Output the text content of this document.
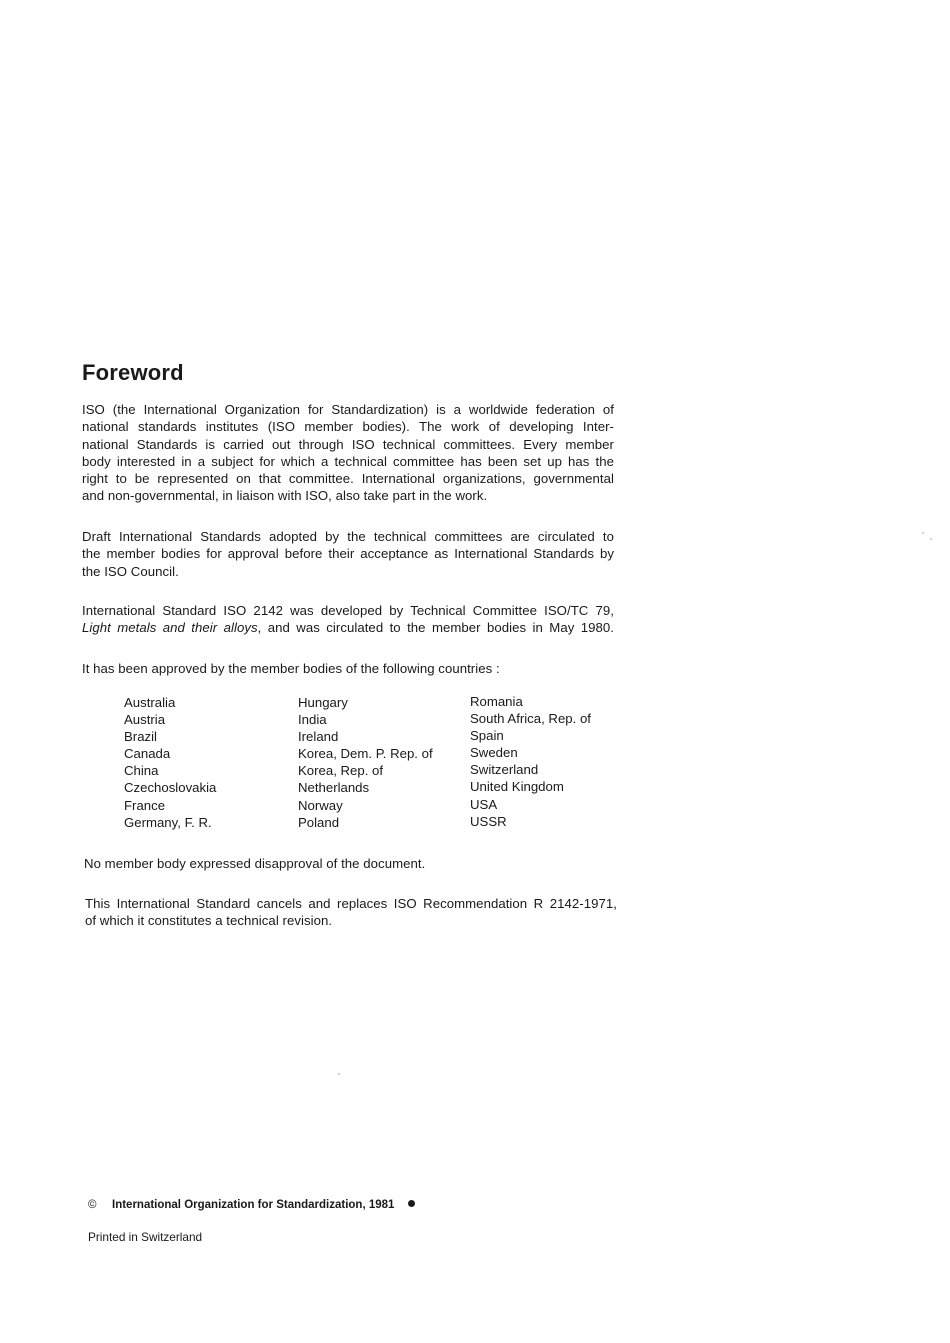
Foreword
ISO (the International Organization for Standardization) is a worldwide federation of
national standards institutes (ISO member bodies). The work of developing Inter-
national Standards is carried out through ISO technical committees. Every member
body interested in a subject for which a technical committee has been set up has the
right to be represented on that committee. International organizations, governmental
and non-governmental, in liaison with ISO, also take part in the work.
Draft International Standards adopted by the technical committees are circulated to
the member bodies for approval before their acceptance as International Standards by
the ISO Council.
International Standard ISO 2142 was developed by Technical Committee ISO/TC 79,
Light metals and their alloys, and was circulated to the member bodies in May 1980.
It has been approved by the member bodies of the following countries :
Australia
Austria
Brazil
Canada
China
Czechoslovakia
France
Germany, F. R.
Hungary
India
Ireland
Korea, Dem. P. Rep. of
Korea, Rep. of
Netherlands
Norway
Poland
Romania
South Africa, Rep. of
Spain
Sweden
Switzerland
United Kingdom
USA
USSR
No member body expressed disapproval of the document.
This International Standard cancels and replaces ISO Recommendation R 2142-1971,
of which it constitutes a technical revision.
© International Organization for Standardization, 1981
Printed in Switzerland
